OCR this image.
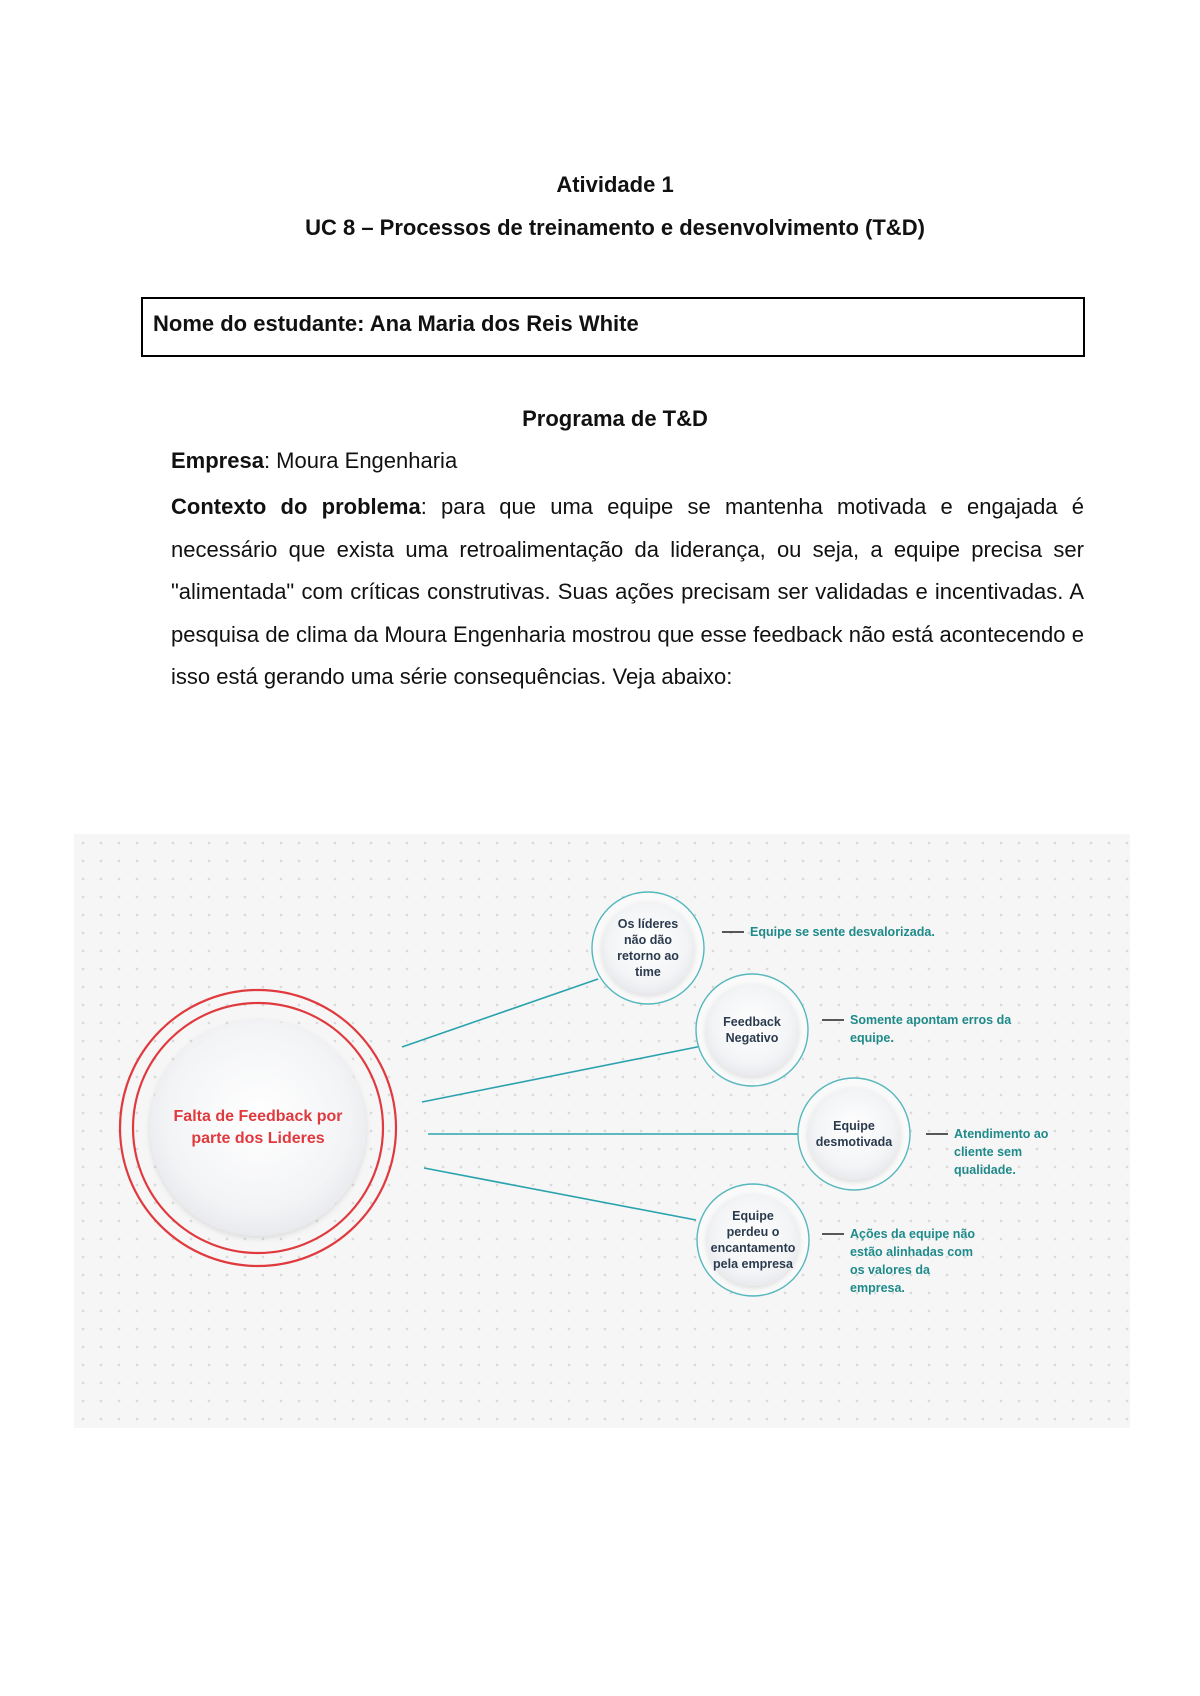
Atividade 1
UC 8 – Processos de treinamento e desenvolvimento (T&D)
Nome do estudante: Ana Maria dos Reis White
Programa de T&D
Empresa: Moura Engenharia
Contexto do problema: para que uma equipe se mantenha motivada e engajada é necessário que exista uma retroalimentação da liderança, ou seja, a equipe precisa ser "alimentada" com críticas construtivas. Suas ações precisam ser validadas e incentivadas. A pesquisa de clima da Moura Engenharia mostrou que esse feedback não está acontecendo e isso está gerando uma série consequências. Veja abaixo:
Falta de Feedback por parte dos Lideres
Os líderes não dão retorno ao time
Feedback Negativo
Equipe desmotivada
Equipe perdeu o encantamento pela empresa
Equipe se sente desvalorizada.
Somente apontam erros da equipe.
Atendimento ao cliente sem qualidade.
Ações da equipe não estão alinhadas com os valores da empresa.
